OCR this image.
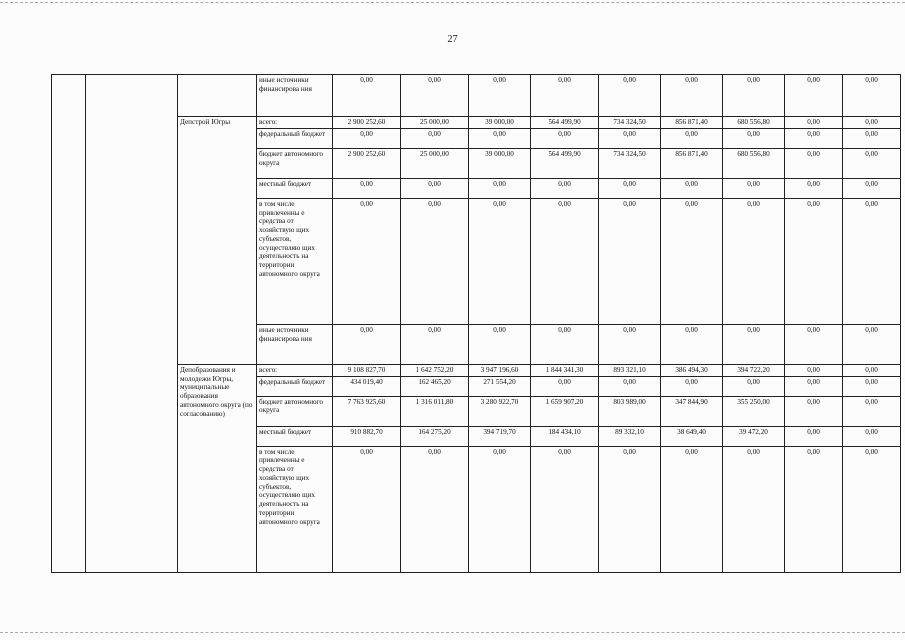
27
			иные источники финансирова ния	0,00	0,00	0,00	0,00	0,00	0,00	0,00	0,00	0,00
		Депстрой Югры	всего:	2 900 252,60	25 000,00	39 000,00	564 499,90	734 324,50	856 871,40	680 556,80	0,00	0,00
			федеральный бюджет	0,00	0,00	0,00	0,00	0,00	0,00	0,00	0,00	0,00
			бюджет автономного округа	2 900 252,60	25 000,00	39 000,00	564 499,90	734 324,50	856 871,40	680 556,80	0,00	0,00
			местный бюджет	0,00	0,00	0,00	0,00	0,00	0,00	0,00	0,00	0,00
			в том числе привлеченны е средства от хозяйствую щих субъектов, осуществляю щих деятельность на территории автономного округа	0,00	0,00	0,00	0,00	0,00	0,00	0,00	0,00	0,00
			иные источники финансирова ния	0,00	0,00	0,00	0,00	0,00	0,00	0,00	0,00	0,00
		Депобразования и молодежи Югры, муниципальные образования автономного округа (по согласованию)	всего:	9 108 827,70	1 642 752,20	3 947 196,60	1 844 341,30	893 321,10	386 494,30	394 722,20	0,00	0,00
			федеральный бюджет	434 019,40	162 465,20	271 554,20	0,00	0,00	0,00	0,00	0,00	0,00
			бюджет автономного округа	7 763 925,60	1 316 011,80	3 280 922,70	1 659 907,20	803 989,00	347 844,90	355 250,00	0,00	0,00
			местный бюджет	910 882,70	164 275,20	394 719,70	184 434,10	89 332,10	38 649,40	39 472,20	0,00	0,00
			в том числе привлеченны е средства от хозяйствую щих субъектов, осуществляю щих деятельность на территории автономного округа	0,00	0,00	0,00	0,00	0,00	0,00	0,00	0,00	0,00
